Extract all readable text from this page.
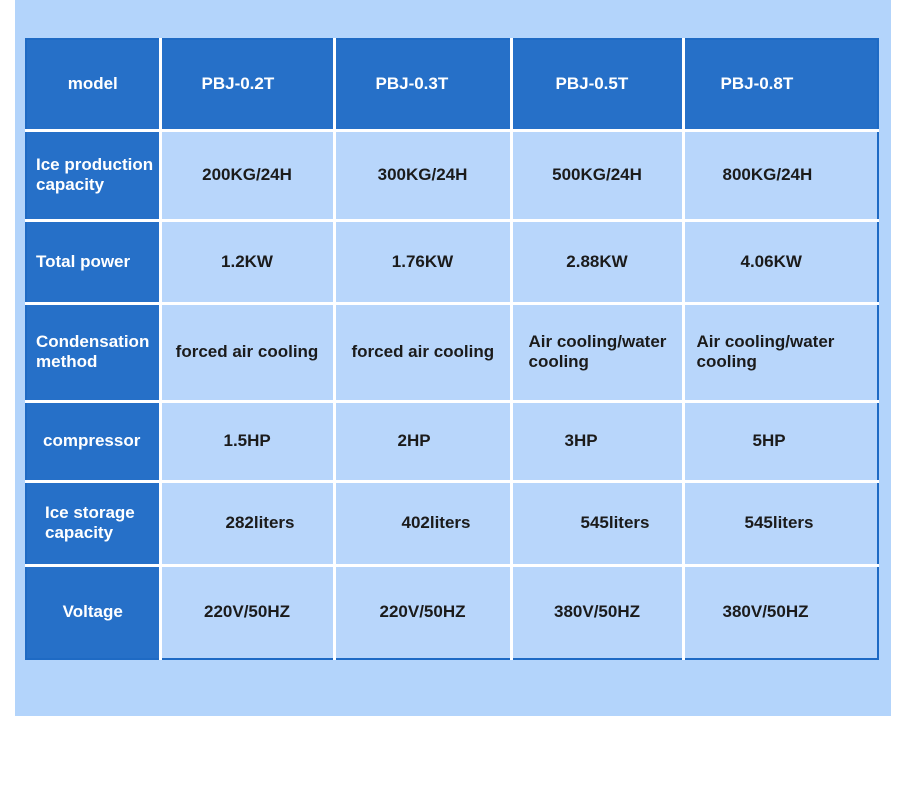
model	PBJ-0.2T	PBJ-0.3T	PBJ-0.5T	PBJ-0.8T
Ice production capacity	200KG/24H	300KG/24H	500KG/24H	800KG/24H
Total power	1.2KW	1.76KW	2.88KW	4.06KW
Condensation method	forced air cooling	forced air cooling	Air cooling/water cooling	Air cooling/water cooling
compressor	1.5HP	2HP	3HP	5HP
Ice storage capacity	282liters	402liters	545liters	545liters
Voltage	220V/50HZ	220V/50HZ	380V/50HZ	380V/50HZ
